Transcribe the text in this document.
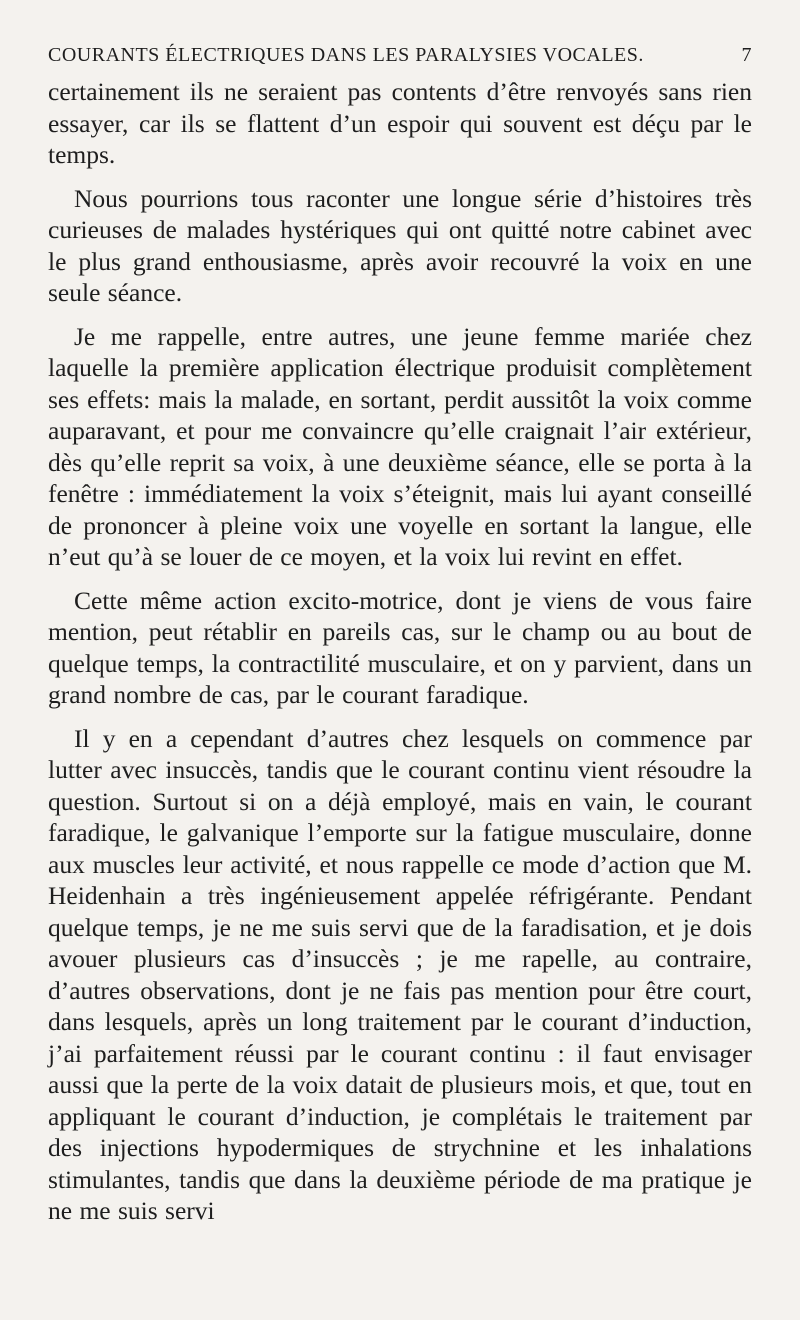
COURANTS ÉLECTRIQUES DANS LES PARALYSIES VOCALES.	7

certainement ils ne seraient pas contents d’être renvoyés sans rien essayer, car ils se flattent d’un espoir qui souvent est déçu par le temps.

Nous pourrions tous raconter une longue série d’histoires très curieuses de malades hystériques qui ont quitté notre cabinet avec le plus grand enthousiasme, après avoir recouvré la voix en une seule séance.

Je me rappelle, entre autres, une jeune femme mariée chez laquelle la première application électrique produisit complètement ses effets: mais la malade, en sortant, perdit aussitôt la voix comme auparavant, et pour me convaincre qu’elle craignait l’air extérieur, dès qu’elle reprit sa voix, à une deuxième séance, elle se porta à la fenêtre : immédiatement la voix s’éteignit, mais lui ayant conseillé de prononcer à pleine voix une voyelle en sortant la langue, elle n’eut qu’à se louer de ce moyen, et la voix lui revint en effet.

Cette même action excito-motrice, dont je viens de vous faire mention, peut rétablir en pareils cas, sur le champ ou au bout de quelque temps, la contractilité musculaire, et on y parvient, dans un grand nombre de cas, par le courant faradique.

Il y en a cependant d’autres chez lesquels on commence par lutter avec insuccès, tandis que le courant continu vient résoudre la question. Surtout si on a déjà employé, mais en vain, le courant faradique, le galvanique l’emporte sur la fatigue musculaire, donne aux muscles leur activité, et nous rappelle ce mode d’action que M. Heidenhain a très ingénieusement appelée réfrigérante. Pendant quelque temps, je ne me suis servi que de la faradisation, et je dois avouer plusieurs cas d’insuccès ; je me rapelle, au contraire, d’autres observations, dont je ne fais pas mention pour être court, dans lesquels, après un long traitement par le courant d’induction, j’ai parfaitement réussi par le courant continu : il faut envisager aussi que la perte de la voix datait de plusieurs mois, et que, tout en appliquant le courant d’induction, je complétais le traitement par des injections hypodermiques de strychnine et les inhalations stimulantes, tandis que dans la deuxième période de ma pratique je ne me suis servi
